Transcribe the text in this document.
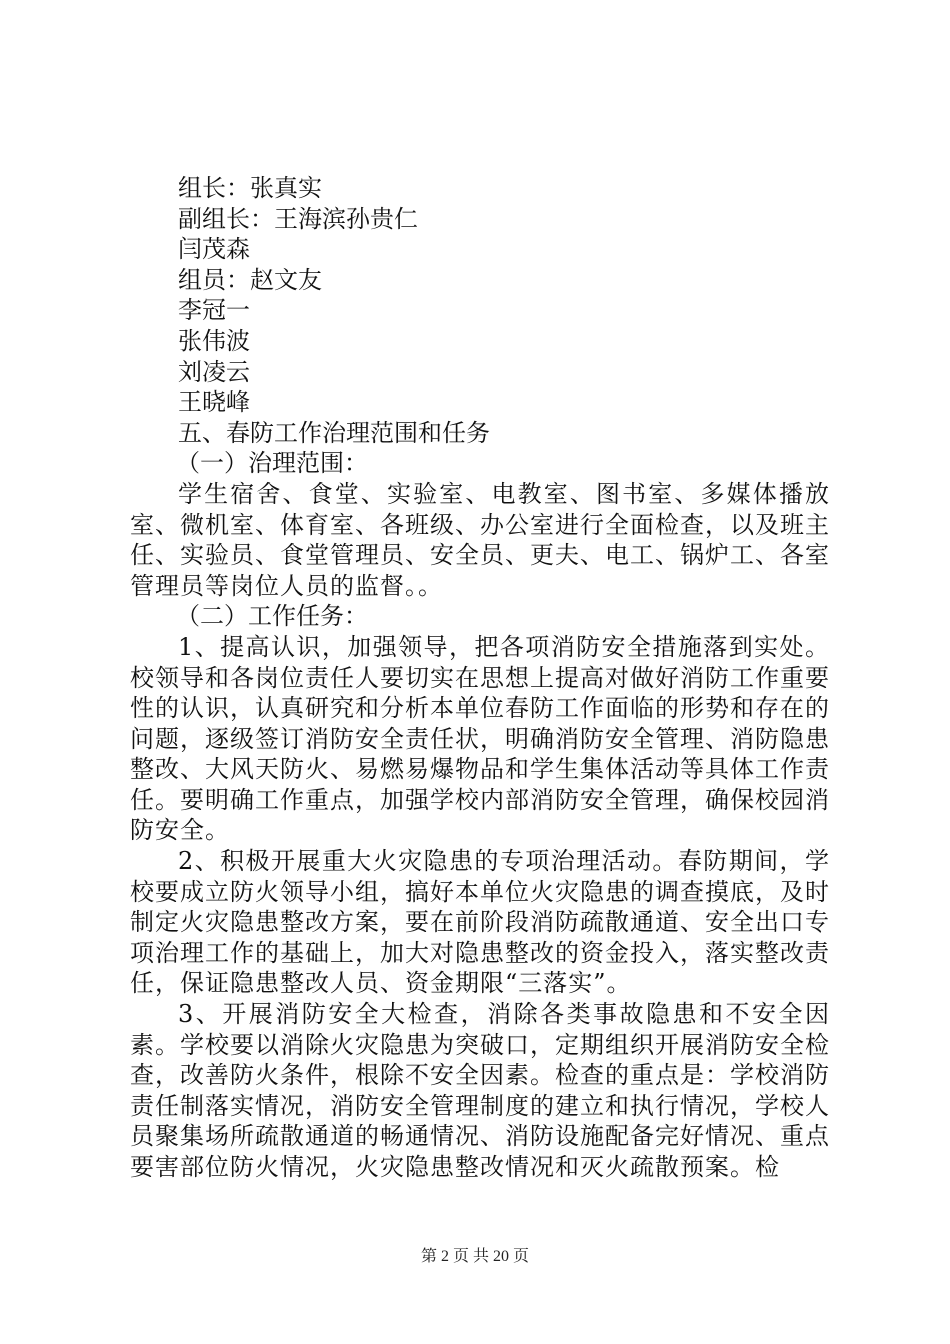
组长：张真实
副组长：王海滨孙贵仁
闫茂森
组员：赵文友
李冠一
张伟波
刘凌云
王晓峰
五、春防工作治理范围和任务
（一）治理范围：

学生宿舍、食堂、实验室、电教室、图书室、多媒体播放室、微机室、体育室、各班级、办公室进行全面检查，以及班主任、实验员、食堂管理员、安全员、更夫、电工、锅炉工、各室管理员等岗位人员的监督。。

（二）工作任务：

1、提高认识，加强领导，把各项消防安全措施落到实处。校领导和各岗位责任人要切实在思想上提高对做好消防工作重要性的认识，认真研究和分析本单位春防工作面临的形势和存在的问题，逐级签订消防安全责任状，明确消防安全管理、消防隐患整改、大风天防火、易燃易爆物品和学生集体活动等具体工作责任。要明确工作重点，加强学校内部消防安全管理，确保校园消防安全。

2、积极开展重大火灾隐患的专项治理活动。春防期间，学校要成立防火领导小组，搞好本单位火灾隐患的调查摸底，及时制定火灾隐患整改方案，要在前阶段消防疏散通道、安全出口专项治理工作的基础上，加大对隐患整改的资金投入，落实整改责任，保证隐患整改人员、资金期限“三落实”。

3、开展消防安全大检查，消除各类事故隐患和不安全因素。学校要以消除火灾隐患为突破口，定期组织开展消防安全检查，改善防火条件，根除不安全因素。检查的重点是：学校消防责任制落实情况，消防安全管理制度的建立和执行情况，学校人员聚集场所疏散通道的畅通情况、消防设施配备完好情况、重点要害部位防火情况，火灾隐患整改情况和灭火疏散预案。检

第 2 页 共 20 页
